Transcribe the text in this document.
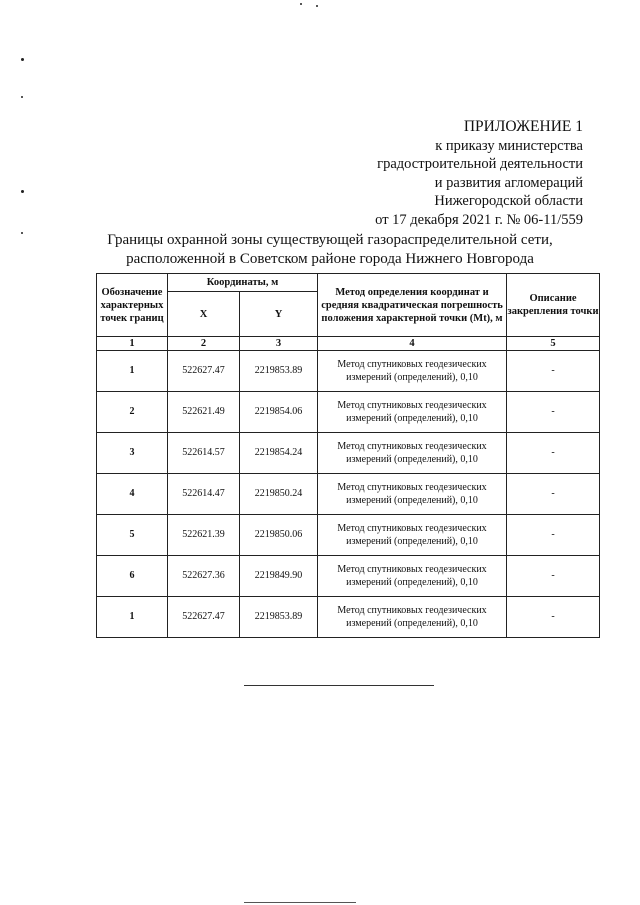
ПРИЛОЖЕНИЕ 1
к приказу министерства
градостроительной деятельности
и развития агломераций
Нижегородской области
от 17 декабря 2021 г. № 06-11/559
Границы охранной зоны существующей газораспределительной сети,
расположенной в Советском районе города Нижнего Новгорода
Обозначение характерных точек границ	Координаты, м		Метод определения координат и средняя квадратическая погрешность положения характерной точки (Mt), м	Описание закрепления точки
	X	Y		
1	2	3	4	5
1	522627.47	2219853.89	Метод спутниковых геодезических измерений (определений), 0,10	-
2	522621.49	2219854.06	Метод спутниковых геодезических измерений (определений), 0,10	-
3	522614.57	2219854.24	Метод спутниковых геодезических измерений (определений), 0,10	-
4	522614.47	2219850.24	Метод спутниковых геодезических измерений (определений), 0,10	-
5	522621.39	2219850.06	Метод спутниковых геодезических измерений (определений), 0,10	-
6	522627.36	2219849.90	Метод спутниковых геодезических измерений (определений), 0,10	-
1	522627.47	2219853.89	Метод спутниковых геодезических измерений (определений), 0,10	-
